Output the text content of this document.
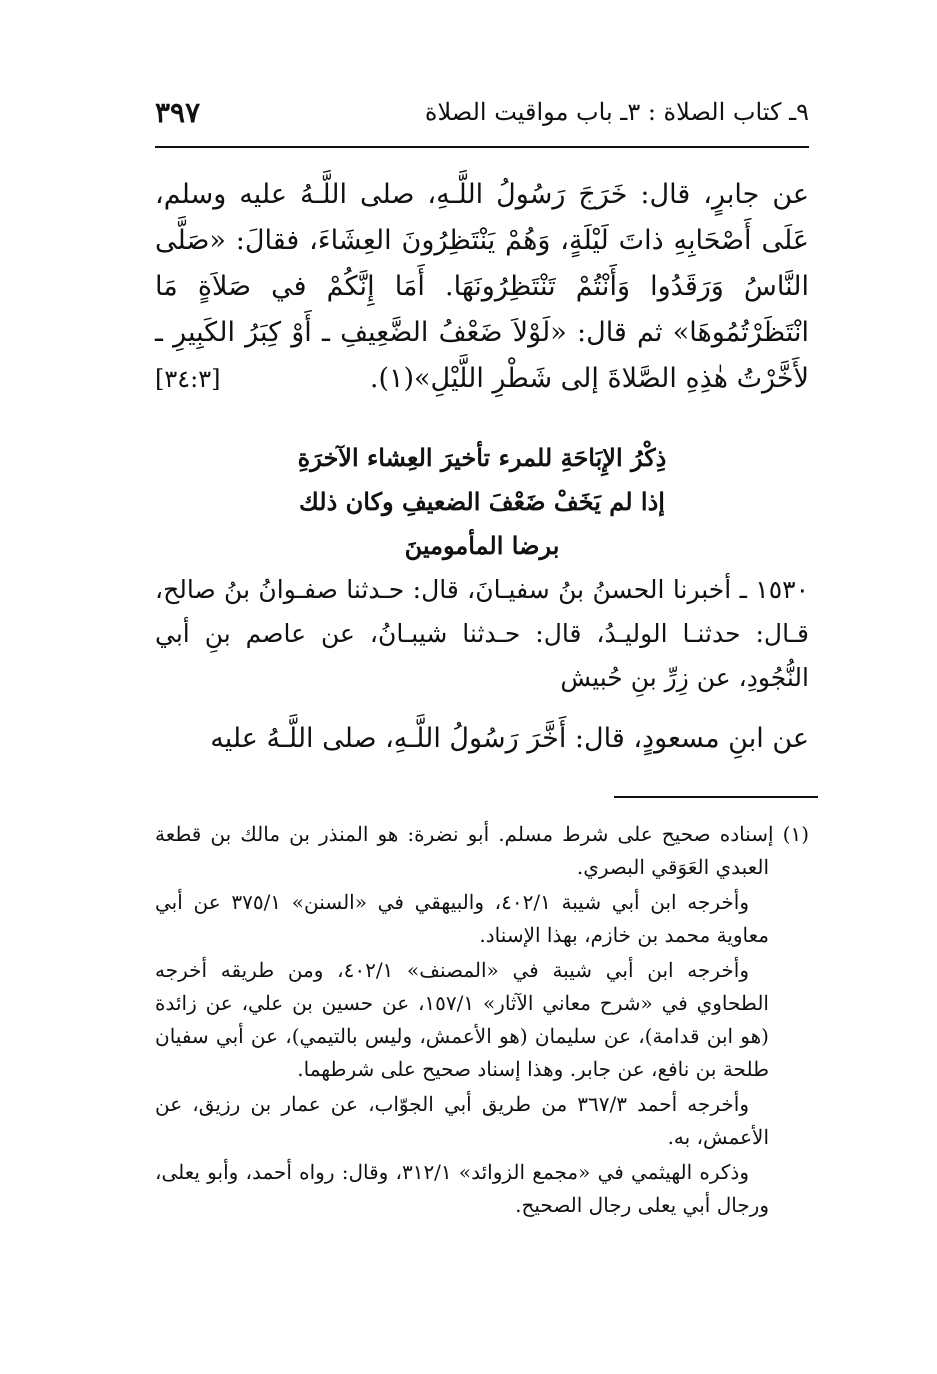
٣٩٧	٩ـ كتاب الصلاة : ٣ـ باب مواقيت الصلاة
عن جابرٍ، قال: خَرَجَ رَسُولُ اللَّـهِ، صلى اللَّـهُ عليه وسلم، عَلَى أَصْحَابِهِ ذاتَ لَيْلَةٍ، وَهُمْ يَنْتَظِرُونَ العِشَاءَ، فقالَ: «صَلَّى النَّاسُ وَرَقَدُوا وَأَنْتُمْ تَنْتَظِرُونَهَا. أَمَا إِنَّكُمْ في صَلاَةٍ مَا انْتَظَرْتُمُوهَا» ثم قال: «لَوْلاَ ضَعْفُ الضَّعِيفِ ـ أَوْ كِبَرُ الكَبِيرِ ـ لأَخَّرْتُ هٰذِهِ الصَّلاةَ إلى شَطْرِ اللَّيْلِ»(١).
[٣٤:٣]
ذِكْرُ الإِبَاحَةِ للمرء تأخيرَ العِشاء الآخرَةِ
إذا لم يَخَفْ ضَعْفَ الضعيفِ وكان ذلك
برضا المأمومينَ
١٥٣٠ ـ أخبرنا الحسنُ بنُ سفيـانَ، قال: حـدثنا صفـوانُ بنُ صالح، قـال: حدثنـا الوليـدُ، قال: حـدثنا شيبـانُ، عن عاصم بنِ أبي النُّجُودِ، عن زِرِّ بنِ حُبيش
عن ابنِ مسعودٍ، قال: أَخَّرَ رَسُولُ اللَّـهِ، صلى اللَّـهُ عليه

(١) إسناده صحيح على شرط مسلم. أبو نضرة: هو المنذر بن مالك بن قطعة العبدي العَوَقي البصري.

وأخرجه ابن أبي شيبة ٤٠٢/١، والبيهقي في «السنن» ٣٧٥/١ عن أبي معاوية محمد بن خازم، بهذا الإسناد.

وأخرجه ابن أبي شيبة في «المصنف» ٤٠٢/١، ومن طريقه أخرجه الطحاوي في «شرح معاني الآثار» ١٥٧/١، عن حسين بن علي، عن زائدة (هو ابن قدامة)، عن سليمان (هو الأعمش، وليس بالتيمي)، عن أبي سفيان طلحة بن نافع، عن جابر. وهذا إسناد صحيح على شرطهما.

وأخرجه أحمد ٣٦٧/٣ من طريق أبي الجوّاب، عن عمار بن رزيق، عن الأعمش، به.

وذكره الهيثمي في «مجمع الزوائد» ٣١٢/١، وقال: رواه أحمد، وأبو يعلى، ورجال أبي يعلى رجال الصحيح.
